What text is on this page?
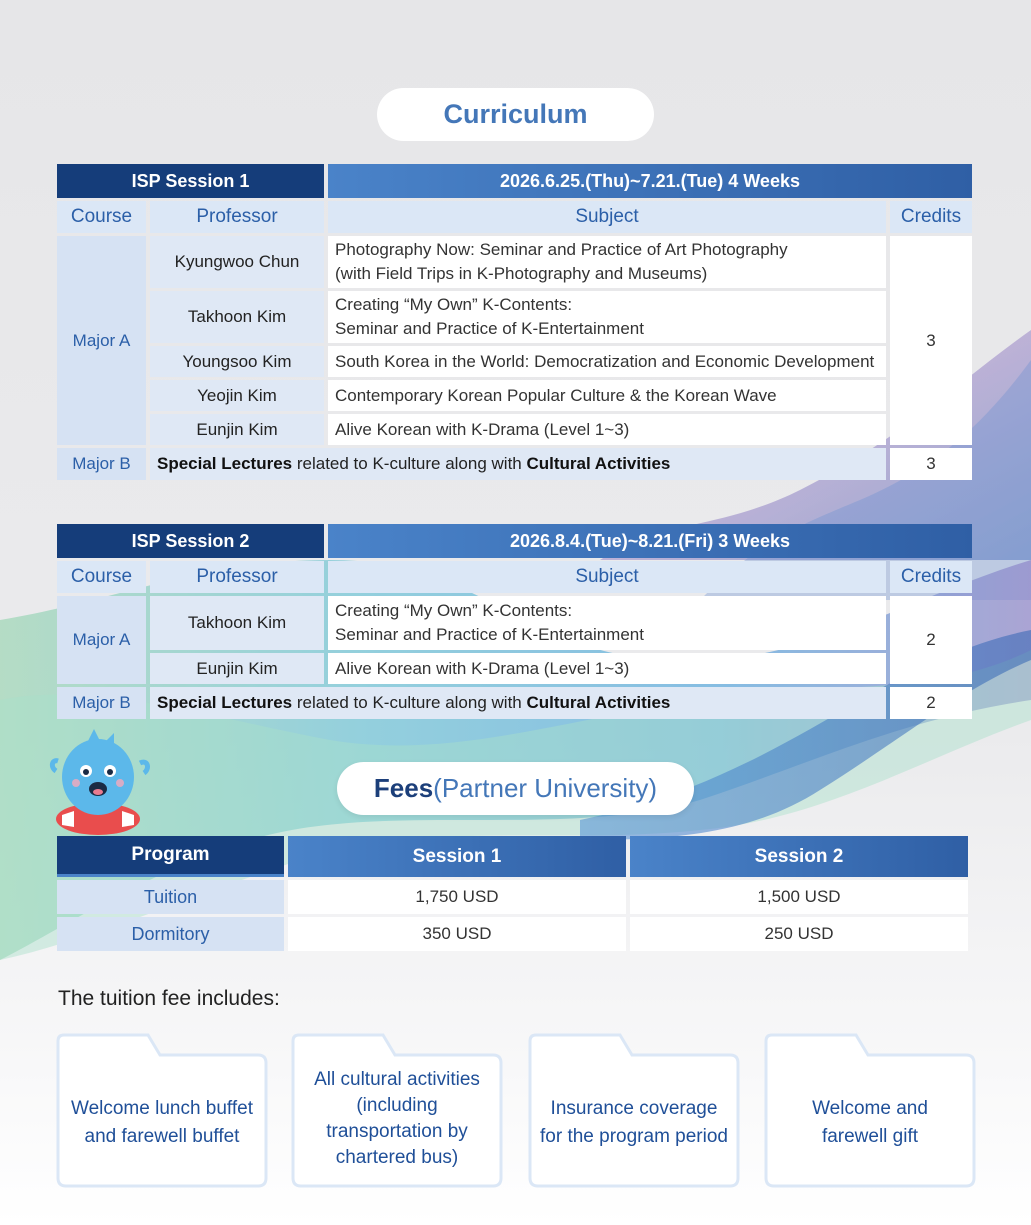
Curriculum
ISP Session 1		2026.6.25.(Thu)~7.21.(Tue) 4 Weeks	
Course	Professor	Subject	Credits
Major A	Kyungwoo Chun	Photography Now: Seminar and Practice of Art Photography
(with Field Trips in K-Photography and Museums)	3
	Takhoon Kim	Creating “My Own” K-Contents:
Seminar and Practice of K-Entertainment	
	Youngsoo Kim	South Korea in the World: Democratization and Economic Development	
	Yeojin Kim	Contemporary Korean Popular Culture & the Korean Wave	
	Eunjin Kim	Alive Korean with K-Drama (Level 1~3)	
Major B	Special Lectures related to K-culture along with Cultural Activities		3
ISP Session 2		2026.8.4.(Tue)~8.21.(Fri) 3 Weeks	
Course	Professor	Subject	Credits
Major A	Takhoon Kim	Creating “My Own” K-Contents:
Seminar and Practice of K-Entertainment	2
	Eunjin Kim	Alive Korean with K-Drama (Level 1~3)	
Major B	Special Lectures related to K-culture along with Cultural Activities		2
Fees (Partner University)
Program	Session 1	Session 2
Tuition	1,750 USD	1,500 USD
Dormitory	350 USD	250 USD
The tuition fee includes:
Welcome lunch buffet and farewell buffet
All cultural activities (including transportation by chartered bus)
Insurance coverage for the program period
Welcome and farewell gift
